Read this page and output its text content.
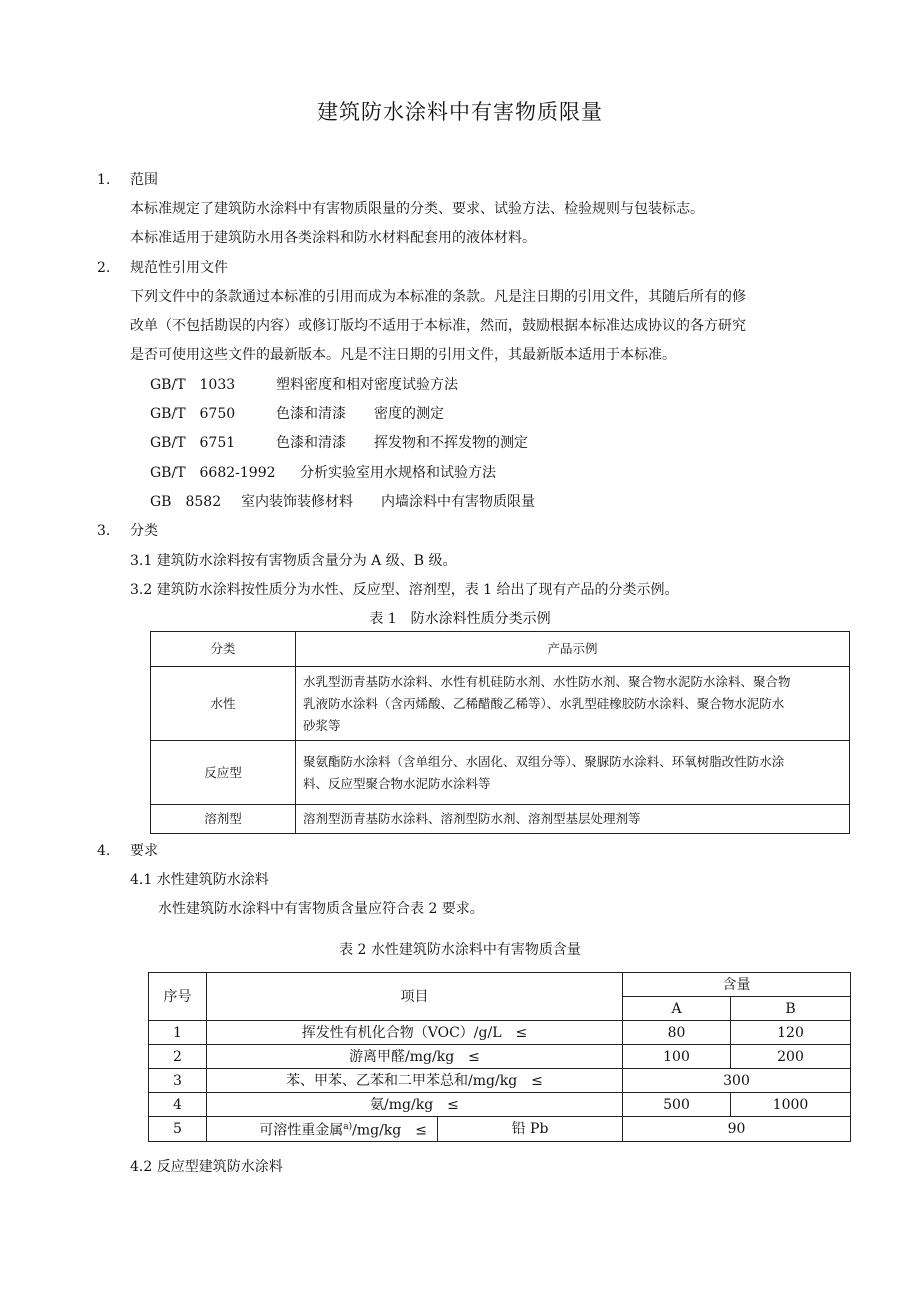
建筑防水涂料中有害物质限量
1. 范围
本标准规定了建筑防水涂料中有害物质限量的分类、要求、试验方法、检验规则与包装标志。
本标准适用于建筑防水用各类涂料和防水材料配套用的液体材料。
2. 规范性引用文件
下列文件中的条款通过本标准的引用而成为本标准的条款。凡是注日期的引用文件，其随后所有的修
改单（不包括勘误的内容）或修订版均不适用于本标准，然而，鼓励根据本标准达成协议的各方研究
是否可使用这些文件的最新版本。凡是不注日期的引用文件，其最新版本适用于本标准。
GB/T　1033	塑料密度和相对密度试验方法
GB/T　6750	色漆和清漆　　密度的测定
GB/T　6751	色漆和清漆　　挥发物和不挥发物的测定
GB/T　6682-1992 分析实验室用水规格和试验方法
GB　8582 室内装饰装修材料　　内墙涂料中有害物质限量
3. 分类
3.1 建筑防水涂料按有害物质含量分为 A 级、B 级。
3.2 建筑防水涂料按性质分为水性、反应型、溶剂型，表 1 给出了现有产品的分类示例。
表 1　防水涂料性质分类示例
分类	产品示例
水性	水乳型沥青基防水涂料、水性有机硅防水剂、水性防水剂、聚合物水泥防水涂料、聚合物
乳液防水涂料（含丙烯酸、乙稀醋酸乙稀等）、水乳型硅橡胶防水涂料、聚合物水泥防水
砂浆等

反应型	聚氨酯防水涂料（含单组分、水固化、双组分等）、聚脲防水涂料、环氧树脂改性防水涂
料、反应型聚合物水泥防水涂料等

溶剂型	溶剂型沥青基防水涂料、溶剂型防水剂、溶剂型基层处理剂等
4. 要求
4.1 水性建筑防水涂料
水性建筑防水涂料中有害物质含量应符合表 2 要求。
表 2 水性建筑防水涂料中有害物质含量
序号	项目		含量	
			A	B
1	挥发性有机化合物（VOC）/g/L　≤		80	120
2	游离甲醛/mg/kg　≤		100	200
3	苯、甲苯、乙苯和二甲苯总和/mg/kg　≤		300	
4	氨/mg/kg　≤		500	1000
5	可溶性重金属$^{a)}$/mg/kg　≤	铅 Pb	90	
4.2 反应型建筑防水涂料
